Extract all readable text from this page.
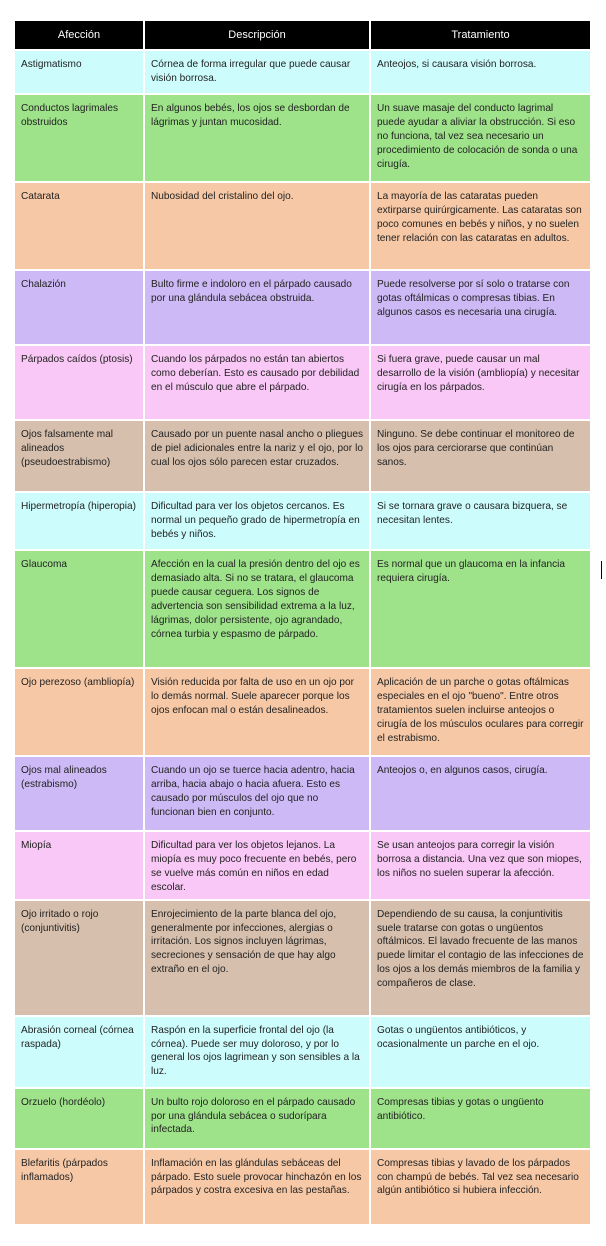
Afección	Descripción	Tratamiento
Astigmatismo	Córnea de forma irregular que puede causar visión borrosa.	Anteojos, si causara visión borrosa.
Conductos lagrimales obstruidos	En algunos bebés, los ojos se desbordan de lágrimas y juntan mucosidad.	Un suave masaje del conducto lagrimal puede ayudar a aliviar la obstrucción. Si eso no funciona, tal vez sea necesario un procedimiento de colocación de sonda o una cirugía.
Catarata	Nubosidad del cristalino del ojo.	La mayoría de las cataratas pueden extirparse quirúrgicamente. Las cataratas son poco comunes en bebés y niños, y no suelen tener relación con las cataratas en adultos.
Chalazión	Bulto firme e indoloro en el párpado causado por una glándula sebácea obstruida.	Puede resolverse por sí solo o tratarse con gotas oftálmicas o compresas tibias. En algunos casos es necesaria una cirugía.
Párpados caídos (ptosis)	Cuando los párpados no están tan abiertos como deberían. Esto es causado por debilidad en el músculo que abre el párpado.	Si fuera grave, puede causar un mal desarrollo de la visión (ambliopía) y necesitar cirugía en los párpados.
Ojos falsamente mal alineados (pseudoestrabismo)	Causado por un puente nasal ancho o pliegues de piel adicionales entre la nariz y el ojo, por lo cual los ojos sólo parecen estar cruzados.	Ninguno. Se debe continuar el monitoreo de los ojos para cerciorarse que continúan sanos.
Hipermetropía (hiperopia)	Dificultad para ver los objetos cercanos. Es normal un pequeño grado de hipermetropía en bebés y niños.	Si se tornara grave o causara bizquera, se necesitan lentes.
Glaucoma	Afección en la cual la presión dentro del ojo es demasiado alta. Si no se tratara, el glaucoma puede causar ceguera. Los signos de advertencia son sensibilidad extrema a la luz, lágrimas, dolor persistente, ojo agrandado, córnea turbia y espasmo de párpado.	Es normal que un glaucoma en la infancia requiera cirugía.
Ojo perezoso (ambliopía)	Visión reducida por falta de uso en un ojo por lo demás normal. Suele aparecer porque los ojos enfocan mal o están desalineados.	Aplicación de un parche o gotas oftálmicas especiales en el ojo "bueno". Entre otros tratamientos suelen incluirse anteojos o cirugía de los músculos oculares para corregir el estrabismo.
Ojos mal alineados (estrabismo)	Cuando un ojo se tuerce hacia adentro, hacia arriba, hacia abajo o hacia afuera. Esto es causado por músculos del ojo que no funcionan bien en conjunto.	Anteojos o, en algunos casos, cirugía.
Miopía	Dificultad para ver los objetos lejanos. La miopía es muy poco frecuente en bebés, pero se vuelve más común en niños en edad escolar.	Se usan anteojos para corregir la visión borrosa a distancia. Una vez que son miopes, los niños no suelen superar la afección.
Ojo irritado o rojo (conjuntivitis)	Enrojecimiento de la parte blanca del ojo, generalmente por infecciones, alergias o irritación. Los signos incluyen lágrimas, secreciones y sensación de que hay algo extraño en el ojo.	Dependiendo de su causa, la conjuntivitis suele tratarse con gotas o ungüentos oftálmicos. El lavado frecuente de las manos puede limitar el contagio de las infecciones de los ojos a los demás miembros de la familia y compañeros de clase.
Abrasión corneal (córnea raspada)	Raspón en la superficie frontal del ojo (la córnea). Puede ser muy doloroso, y por lo general los ojos lagrimean y son sensibles a la luz.	Gotas o ungüentos antibióticos, y ocasionalmente un parche en el ojo.
Orzuelo (hordéolo)	Un bulto rojo doloroso en el párpado causado por una glándula sebácea o sudorípara infectada.	Compresas tibias y gotas o ungüento antibiótico.
Blefaritis (párpados inflamados)	Inflamación en las glándulas sebáceas del párpado. Esto suele provocar hinchazón en los párpados y costra excesiva en las pestañas.	Compresas tibias y lavado de los párpados con champú de bebés. Tal vez sea necesario algún antibiótico si hubiera infección.
